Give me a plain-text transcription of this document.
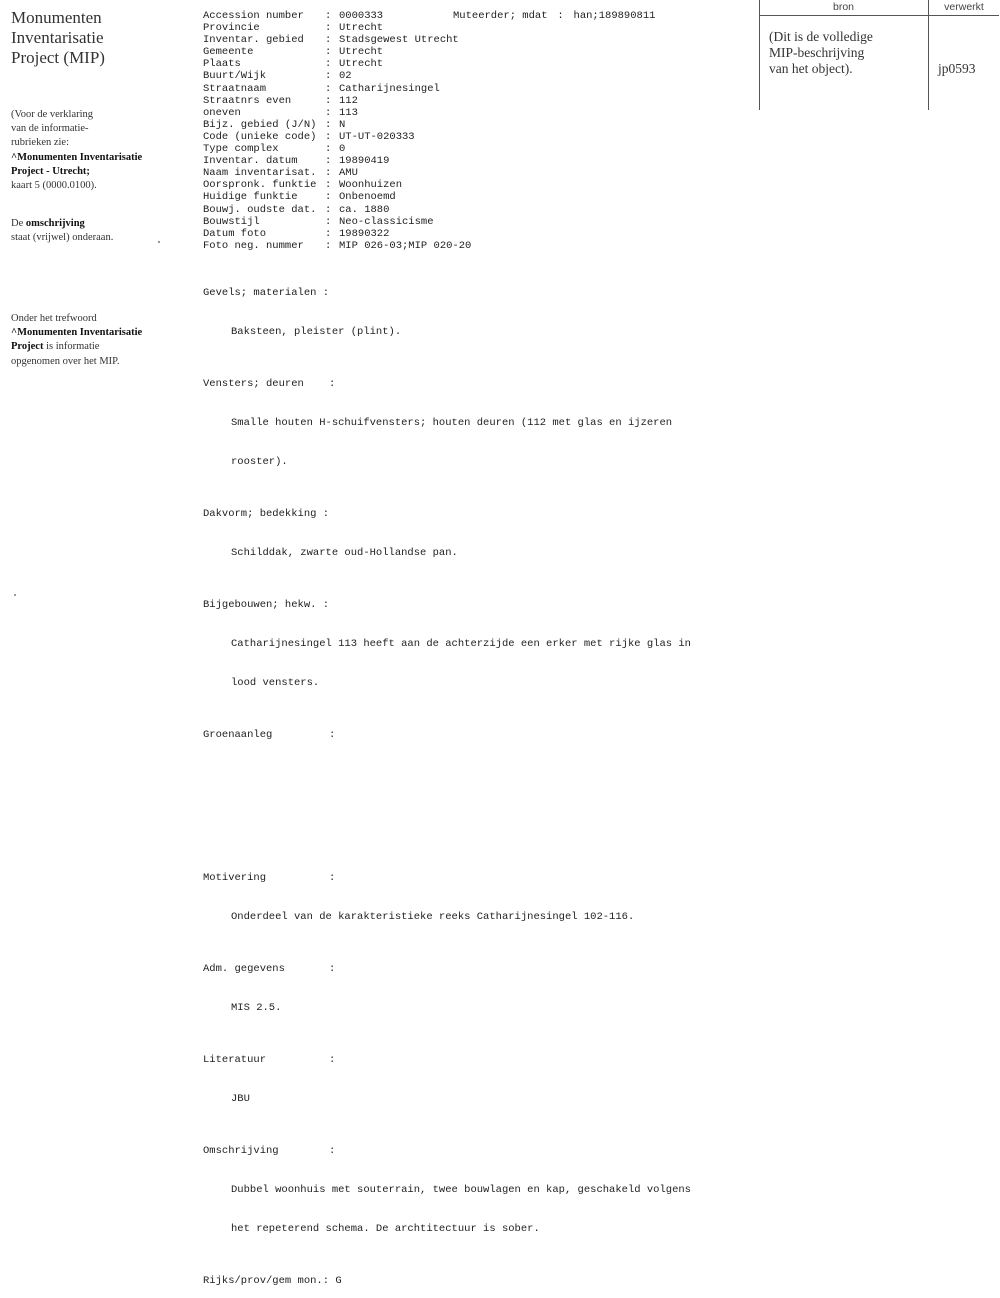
Monumenten
Inventarisatie
Project (MIP)
(Voor de verklaring
van de informatie-
rubrieken zie:
^Monumenten Inventarisatie
Project - Utrecht;
kaart 5 (0000.0100).
De omschrijving
staat (vrijwel) onderaan.
Onder het trefwoord
^Monumenten Inventarisatie
Project is informatie
opgenomen over het MIP.
bron	verwerkt
(Dit is de volledige
MIP-beschrijving
van het object).	jp0593
Muteerder; mdat : han;189890811
Accession number : 0000333
Provincie	: Utrecht
Inventar. gebied : Stadsgewest Utrecht
Gemeente	: Utrecht
Plaats	: Utrecht
Buurt/Wijk	: 02
Straatnaam	: Catharijnesingel
Straatnrs even	: 112
oneven	: 113
Bijz. gebied (J/N) : N
Code (unieke code) : UT-UT-020333
Type complex	: 0
Inventar. datum	: 19890419
Naam inventarisat. : AMU
Oorspronk. funktie : Woonhuizen
Huidige funktie	: Onbenoemd
Bouwj. oudste dat. : ca. 1880
Bouwstijl	: Neo-classicisme
Datum foto	: 19890322
Foto neg. nummer : MIP 026-03;MIP 020-20

Gevels; materialen :

Baksteen, pleister (plint).

Vensters; deuren :

Smalle houten H-schuifvensters; houten deuren (112 met glas en ijzeren

rooster).

Dakvorm; bedekking :

Schilddak, zwarte oud-Hollandse pan.

Bijgebouwen; hekw. :

Catharijnesingel 113 heeft aan de achterzijde een erker met rijke glas in

lood vensters.

Groenaanleg	:

Motivering	:

Onderdeel van de karakteristieke reeks Catharijnesingel 102-116.

Adm. gegevens	:

MIS 2.5.

Literatuur	:

JBU

Omschrijving	:

Dubbel woonhuis met souterrain, twee bouwlagen en kap, geschakeld volgens

het repeterend schema. De archtitectuur is sober.

Rijks/prov/gem mon.: G
